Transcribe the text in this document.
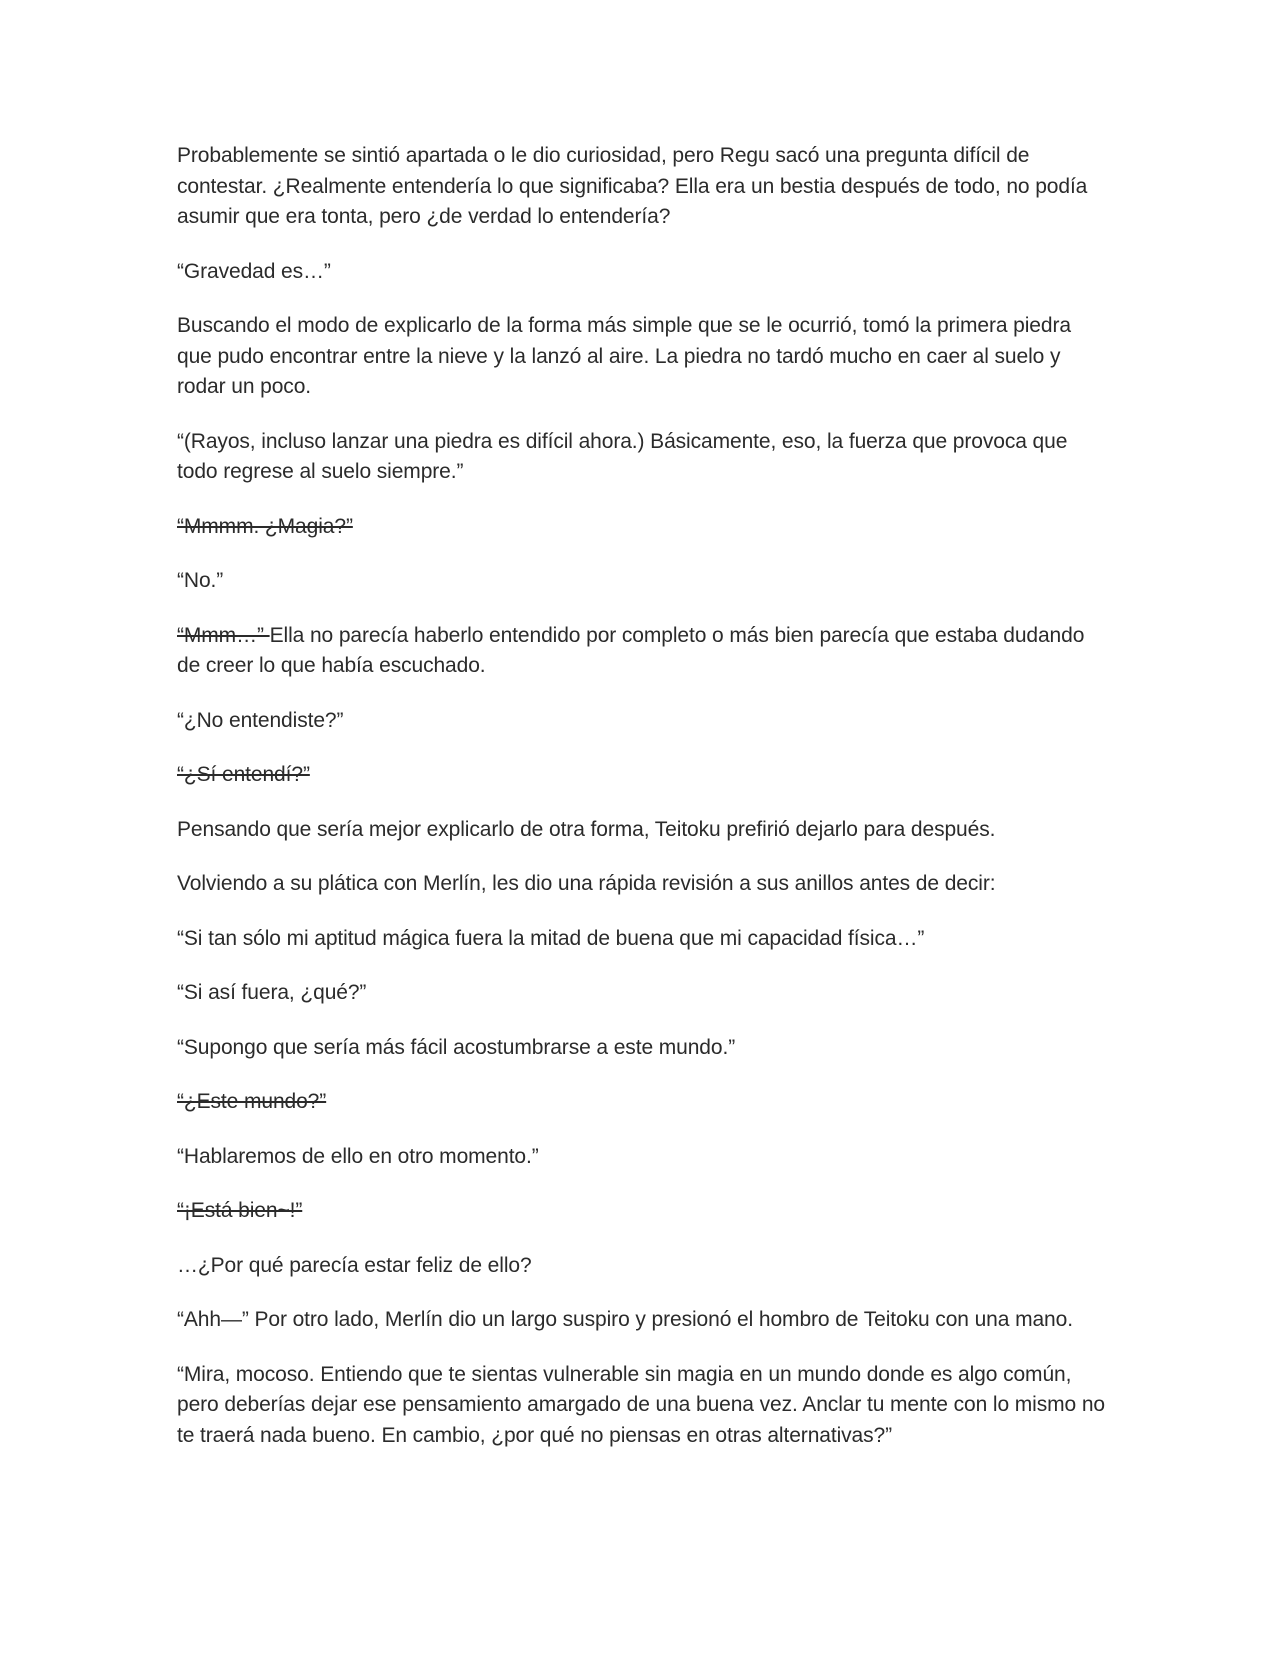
Probablemente se sintió apartada o le dio curiosidad, pero Regu sacó una pregunta difícil de contestar. ¿Realmente entendería lo que significaba? Ella era un bestia después de todo, no podía asumir que era tonta, pero ¿de verdad lo entendería?

“Gravedad es…”

Buscando el modo de explicarlo de la forma más simple que se le ocurrió, tomó la primera piedra que pudo encontrar entre la nieve y la lanzó al aire. La piedra no tardó mucho en caer al suelo y rodar un poco.

“(Rayos, incluso lanzar una piedra es difícil ahora.) Básicamente, eso, la fuerza que provoca que todo regrese al suelo siempre.”

“Mmmm. ¿Magia?”

“No.”

“Mmm…” Ella no parecía haberlo entendido por completo o más bien parecía que estaba dudando de creer lo que había escuchado.

“¿No entendiste?”

“¿Sí entendí?”

Pensando que sería mejor explicarlo de otra forma, Teitoku prefirió dejarlo para después.

Volviendo a su plática con Merlín, les dio una rápida revisión a sus anillos antes de decir:

“Si tan sólo mi aptitud mágica fuera la mitad de buena que mi capacidad física…”

“Si así fuera, ¿qué?”

“Supongo que sería más fácil acostumbrarse a este mundo.”

“¿Este mundo?”

“Hablaremos de ello en otro momento.”

“¡Está bien~!”

…¿Por qué parecía estar feliz de ello?

“Ahh—” Por otro lado, Merlín dio un largo suspiro y presionó el hombro de Teitoku con una mano.

“Mira, mocoso. Entiendo que te sientas vulnerable sin magia en un mundo donde es algo común, pero deberías dejar ese pensamiento amargado de una buena vez. Anclar tu mente con lo mismo no te traerá nada bueno. En cambio, ¿por qué no piensas en otras alternativas?”
